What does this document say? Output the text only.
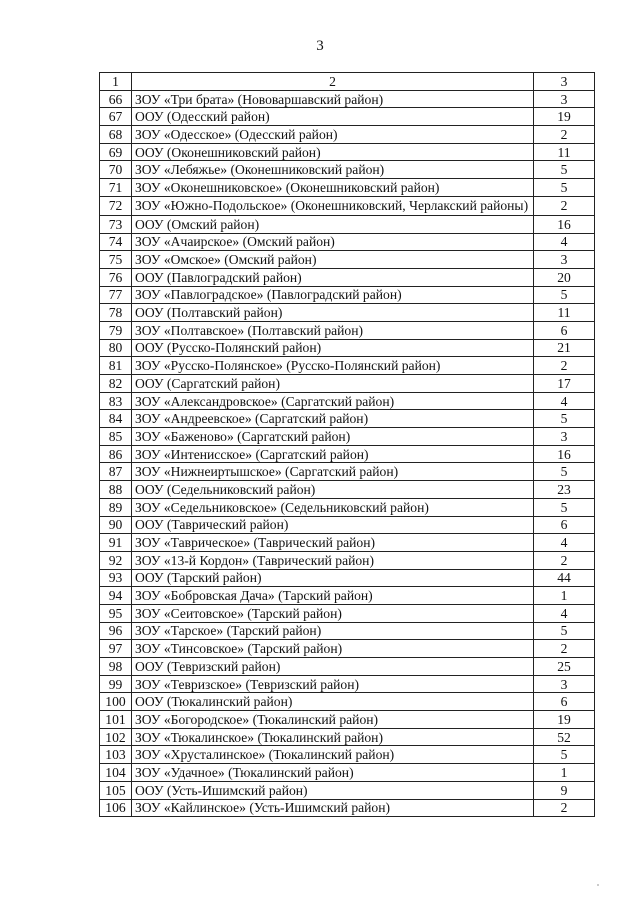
3
1	2	3
66	ЗОУ «Три брата» (Нововаршавский район)	3
67	ООУ (Одесский район)	19
68	ЗОУ «Одесское» (Одесский район)	2
69	ООУ (Оконешниковский район)	11
70	ЗОУ «Лебяжье» (Оконешниковский район)	5
71	ЗОУ «Оконешниковское» (Оконешниковский район)	5
72	ЗОУ «Южно-Подольское» (Оконешниковский, Черлакский районы)	2
73	ООУ (Омский район)	16
74	ЗОУ «Ачаирское» (Омский район)	4
75	ЗОУ «Омское» (Омский район)	3
76	ООУ (Павлоградский район)	20
77	ЗОУ «Павлоградское» (Павлоградский район)	5
78	ООУ (Полтавский район)	11
79	ЗОУ «Полтавское» (Полтавский район)	6
80	ООУ (Русско-Полянский район)	21
81	ЗОУ «Русско-Полянское» (Русско-Полянский район)	2
82	ООУ (Саргатский район)	17
83	ЗОУ «Александровское» (Саргатский район)	4
84	ЗОУ «Андреевское» (Саргатский район)	5
85	ЗОУ «Баженово» (Саргатский район)	3
86	ЗОУ «Интенисское» (Саргатский район)	16
87	ЗОУ «Нижнеиртышское» (Саргатский район)	5
88	ООУ (Седельниковский район)	23
89	ЗОУ «Седельниковское» (Седельниковский район)	5
90	ООУ (Таврический район)	6
91	ЗОУ «Таврическое» (Таврический район)	4
92	ЗОУ «13-й Кордон» (Таврический район)	2
93	ООУ (Тарский район)	44
94	ЗОУ «Бобровская Дача» (Тарский район)	1
95	ЗОУ «Сеитовское» (Тарский район)	4
96	ЗОУ «Тарское» (Тарский район)	5
97	ЗОУ «Тинсовское» (Тарский район)	2
98	ООУ (Тевризский район)	25
99	ЗОУ «Тевризское» (Тевризский район)	3
100	ООУ (Тюкалинский район)	6
101	ЗОУ «Богородское» (Тюкалинский район)	19
102	ЗОУ «Тюкалинское» (Тюкалинский район)	52
103	ЗОУ «Хрусталинское» (Тюкалинский район)	5
104	ЗОУ «Удачное» (Тюкалинский район)	1
105	ООУ (Усть-Ишимский район)	9
106	ЗОУ «Кайлинское» (Усть-Ишимский район)	2
